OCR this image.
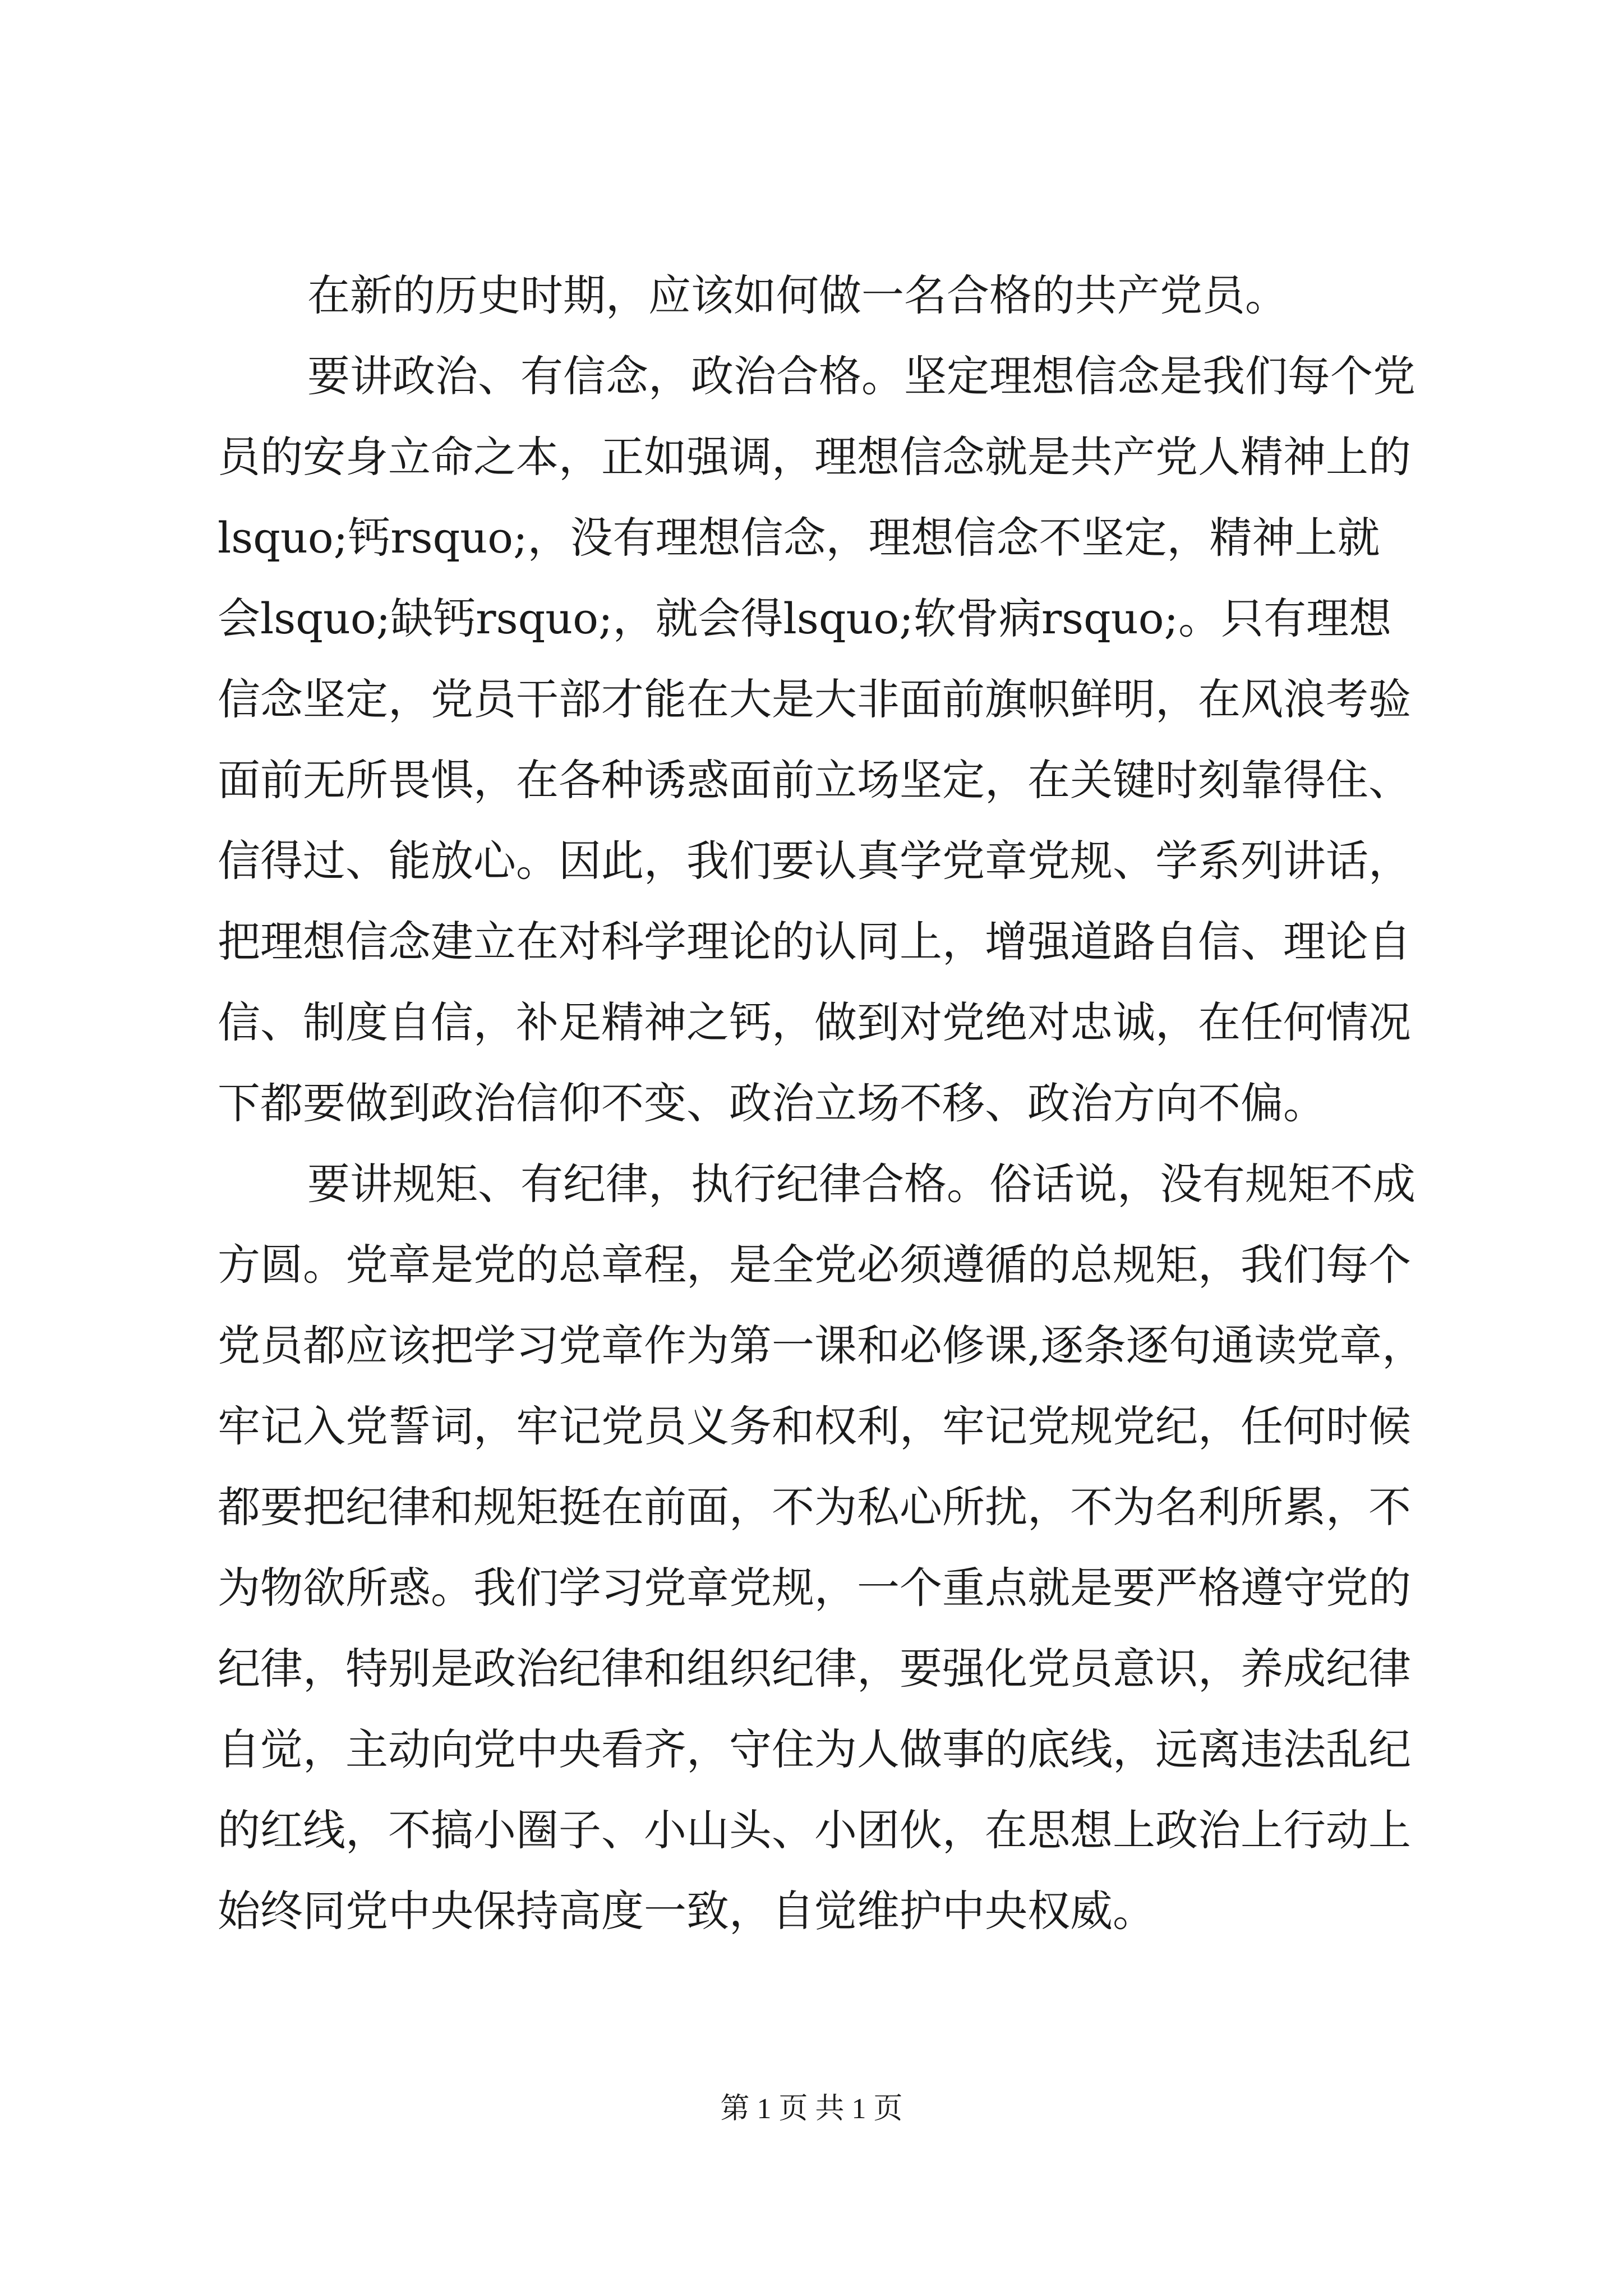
在新的历史时期，应该如何做一名合格的共产党员。
要讲政治、有信念，政治合格。坚定理想信念是我们每个党
员的安身立命之本，正如强调，理想信念就是共产党人精神上的
lsquo;钙rsquo;，没有理想信念，理想信念不坚定，精神上就
会lsquo;缺钙rsquo;，就会得lsquo;软骨病rsquo;。只有理想
信念坚定，党员干部才能在大是大非面前旗帜鲜明，在风浪考验
面前无所畏惧，在各种诱惑面前立场坚定，在关键时刻靠得住、
信得过、能放心。因此，我们要认真学党章党规、学系列讲话，
把理想信念建立在对科学理论的认同上，增强道路自信、理论自
信、制度自信，补足精神之钙，做到对党绝对忠诚，在任何情况
下都要做到政治信仰不变、政治立场不移、政治方向不偏。
要讲规矩、有纪律，执行纪律合格。俗话说，没有规矩不成
方圆。党章是党的总章程，是全党必须遵循的总规矩，我们每个
党员都应该把学习党章作为第一课和必修课,逐条逐句通读党章，
牢记入党誓词，牢记党员义务和权利，牢记党规党纪，任何时候
都要把纪律和规矩挺在前面，不为私心所扰，不为名利所累，不
为物欲所惑。我们学习党章党规，一个重点就是要严格遵守党的
纪律，特别是政治纪律和组织纪律，要强化党员意识，养成纪律
自觉，主动向党中央看齐，守住为人做事的底线，远离违法乱纪
的红线，不搞小圈子、小山头、小团伙，在思想上政治上行动上
始终同党中央保持高度一致，自觉维护中央权威。
第 1 页 共 1 页
